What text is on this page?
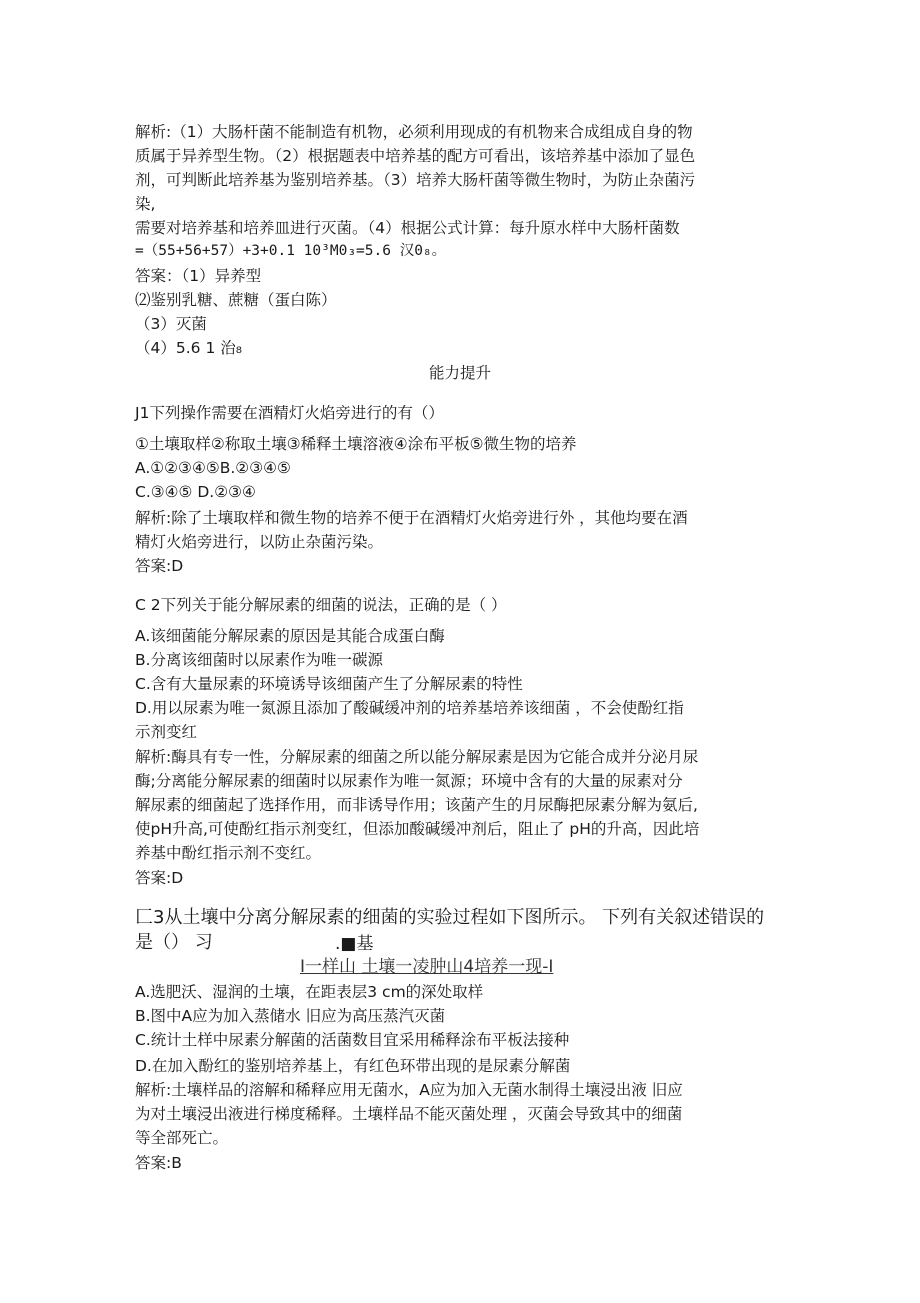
解析:（1）大肠杆菌不能制造有机物，必须利用现成的有机物来合成组成自身的物
质属于异养型生物。（2）根据题表中培养基的配方可看出，该培养基中添加了显色
剂，可判断此培养基为鉴别培养基。（3）培养大肠杆菌等微生物时，为防止杂菌污
染,
需要对培养基和培养皿进行灭菌。（4）根据公式计算：每升原水样中大肠杆菌数
=（55+56+57）+3+0.1 10³M0₃=5.6 汉0₈。
答案：（1）异养型
⑵鉴别乳糖、蔗糖（蛋白陈）
（3）灭菌
（4）5.6 1 治₈
能力提升
J1下列操作需要在酒精灯火焰旁进行的有（）
①土壤取样②称取土壤③稀释土壤溶液④涂布平板⑤微生物的培养
A.①②③④⑤B.②③④⑤
C.③④⑤ D.②③④
解析:除了土壤取样和微生物的培养不便于在酒精灯火焰旁进行外 ，其他均要在酒
精灯火焰旁进行，以防止杂菌污染。
答案:D
C 2下列关于能分解尿素的细菌的说法，正确的是（ ）
A.该细菌能分解尿素的原因是其能合成蛋白酶
B.分离该细菌时以尿素作为唯一碳源
C.含有大量尿素的环境诱导该细菌产生了分解尿素的特性
D.用以尿素为唯一氮源且添加了酸碱缓冲剂的培养基培养该细菌 ，不会使酚红指
示剂变红
解析:酶具有专一性，分解尿素的细菌之所以能分解尿素是因为它能合成并分泌月尿
酶;分离能分解尿素的细菌时以尿素作为唯一氮源；环境中含有的大量的尿素对分
解尿素的细菌起了选择作用，而非诱导作用；该菌产生的月尿酶把尿素分解为氨后,
使pH升高,可使酚红指示剂变红，但添加酸碱缓冲剂后，阻止了 pH的升高，因此培
养基中酚红指示剂不变红。
答案:D
匚3从土壤中分离分解尿素的细菌的实验过程如下图所示。 下列有关叙述错误的
是（） 习	.■基
I一样山 土壤一凌肿山4培养一现-I
A.选肥沃、湿润的土壤，在距表层3 cm的深处取样
B.图中A应为加入蒸储水 旧应为高压蒸汽灭菌
C.统计土样中尿素分解菌的活菌数目宜采用稀释涂布平板法接种
D.在加入酚红的鉴别培养基上，有红色环带出现的是尿素分解菌
解析:土壤样品的溶解和稀释应用无菌水，A应为加入无菌水制得土壤浸出液 旧应
为对土壤浸出液进行梯度稀释。土壤样品不能灭菌处理 ，灭菌会导致其中的细菌
等全部死亡。
答案:B
